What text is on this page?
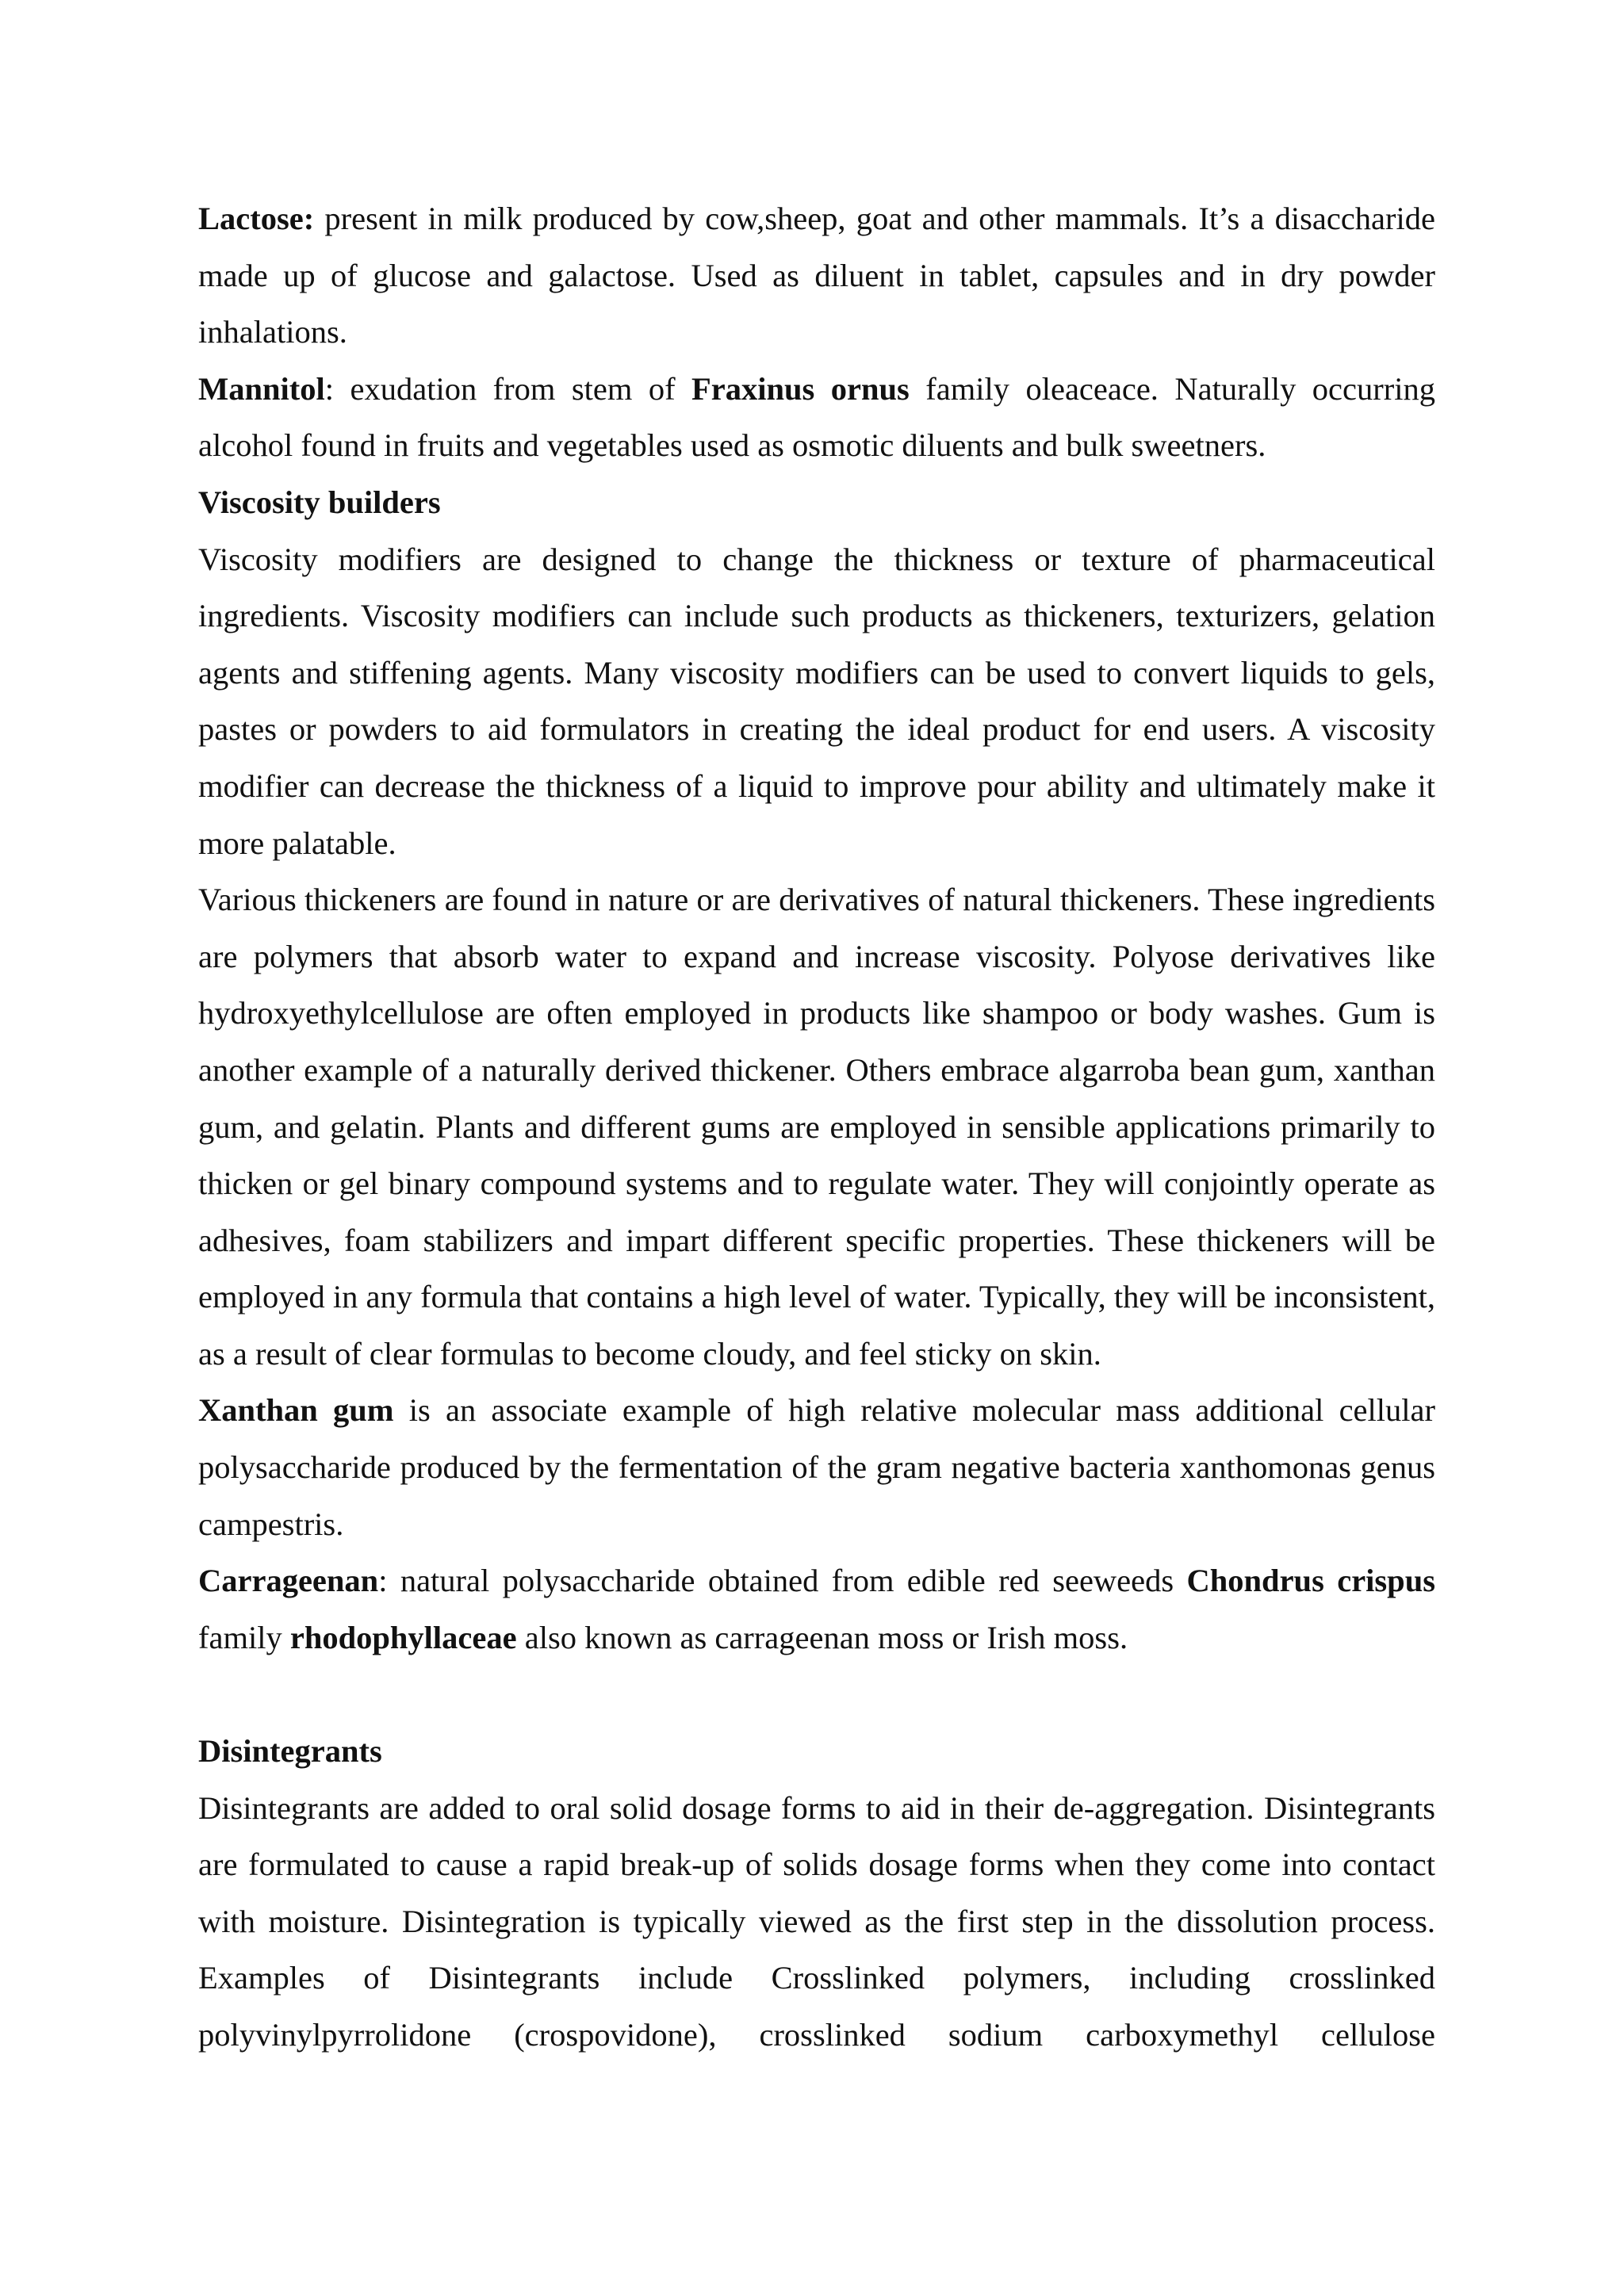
Lactose: present in milk produced by cow,sheep, goat and other mammals. It’s a disaccharide made up of glucose and galactose. Used as diluent in tablet, capsules and in dry powder inhalations.

Mannitol: exudation from stem of Fraxinus ornus family oleaceace. Naturally occurring alcohol found in fruits and vegetables used as osmotic diluents and bulk sweetners.

Viscosity builders

Viscosity modifiers are designed to change the thickness or texture of pharmaceutical ingredients. Viscosity modifiers can include such products as thickeners, texturizers, gelation agents and stiffening agents. Many viscosity modifiers can be used to convert liquids to gels, pastes or powders to aid formulators in creating the ideal product for end users. A viscosity modifier can decrease the thickness of a liquid to improve pour ability and ultimately make it more palatable.

Various thickeners are found in nature or are derivatives of natural thickeners. These ingredients are polymers that absorb water to expand and increase viscosity. Polyose derivatives like hydroxyethylcellulose are often employed in products like shampoo or body washes. Gum is another example of a naturally derived thickener. Others embrace algarroba bean gum, xanthan gum, and gelatin. Plants and different gums are employed in sensible applications primarily to thicken or gel binary compound systems and to regulate water. They will conjointly operate as adhesives, foam stabilizers and impart different specific properties. These thickeners will be employed in any formula that contains a high level of water. Typically, they will be inconsistent, as a result of clear formulas to become cloudy, and feel sticky on skin.

Xanthan gum is an associate example of high relative molecular mass additional cellular polysaccharide produced by the fermentation of the gram negative bacteria xanthomonas genus campestris.

Carrageenan: natural polysaccharide obtained from edible red seeweeds Chondrus crispus family rhodophyllaceae also known as carrageenan moss or Irish moss.

Disintegrants

Disintegrants are added to oral solid dosage forms to aid in their de-aggregation. Disintegrants are formulated to cause a rapid break-up of solids dosage forms when they come into contact with moisture. Disintegration is typically viewed as the first step in the dissolution process. Examples of Disintegrants include Crosslinked polymers, including crosslinked polyvinylpyrrolidone (crospovidone), crosslinked sodium carboxymethyl cellulose
